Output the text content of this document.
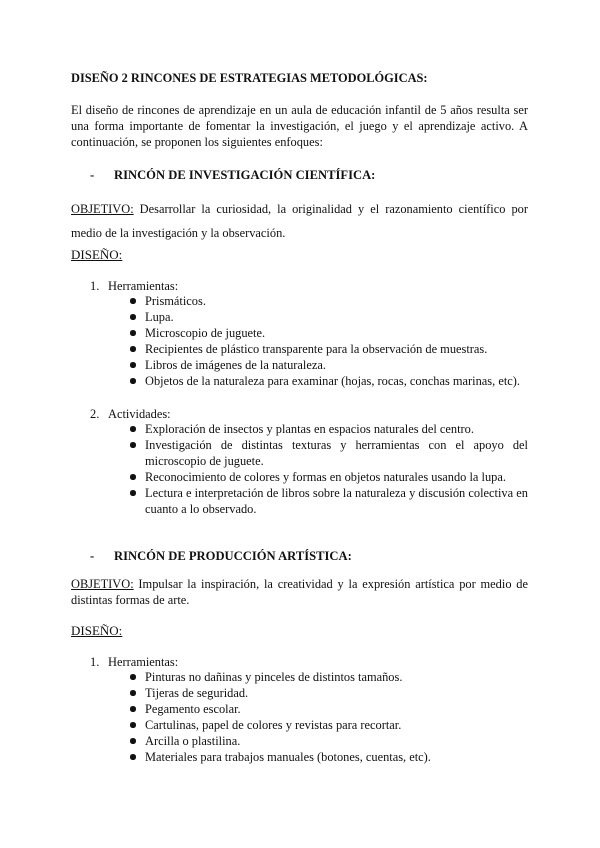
DISEÑO 2 RINCONES DE ESTRATEGIAS METODOLÓGICAS:
El diseño de rincones de aprendizaje en un aula de educación infantil de 5 años resulta ser una forma importante de fomentar la investigación, el juego y el aprendizaje activo. A continuación, se proponen los siguientes enfoques:
- RINCÓN DE INVESTIGACIÓN CIENTÍFICA:
OBJETIVO: Desarrollar la curiosidad, la originalidad y el razonamiento científico por medio de la investigación y la observación.
DISEÑO:
1. Herramientas:
Prismáticos.
Lupa.
Microscopio de juguete.
Recipientes de plástico transparente para la observación de muestras.
Libros de imágenes de la naturaleza.
Objetos de la naturaleza para examinar (hojas, rocas, conchas marinas, etc).
2. Actividades:
Exploración de insectos y plantas en espacios naturales del centro.
Investigación de distintas texturas y herramientas con el apoyo del microscopio de juguete.
Reconocimiento de colores y formas en objetos naturales usando la lupa.
Lectura e interpretación de libros sobre la naturaleza y discusión colectiva en cuanto a lo observado.
- RINCÓN DE PRODUCCIÓN ARTÍSTICA:
OBJETIVO: Impulsar la inspiración, la creatividad y la expresión artística por medio de distintas formas de arte.
DISEÑO:
1. Herramientas:
Pinturas no dañinas y pinceles de distintos tamaños.
Tijeras de seguridad.
Pegamento escolar.
Cartulinas, papel de colores y revistas para recortar.
Arcilla o plastilina.
Materiales para trabajos manuales (botones, cuentas, etc).
